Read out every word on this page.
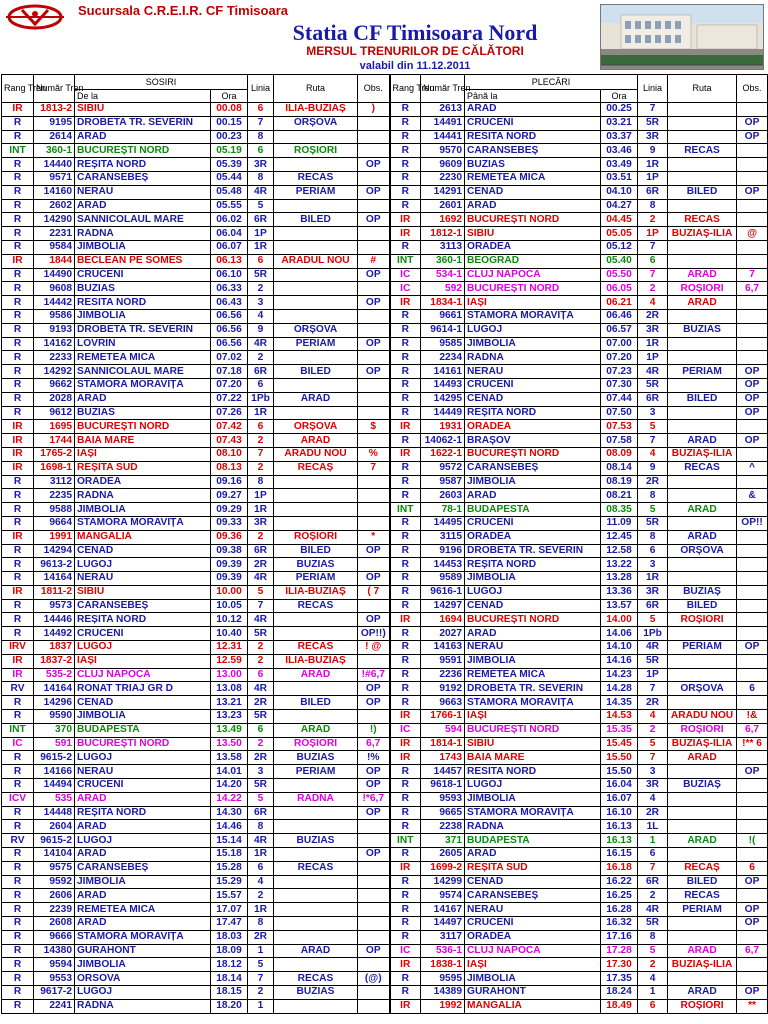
Sucursala C.R.E.I.R. CF Timisoara
Statia CF Timisoara Nord
MERSUL TRENURILOR DE CĂLĂTORI
valabil din 11.12.2011
Rang Tren	Număr Tren	SOSIRI		Linia	Ruta	Obs.	Rang Tren	Număr Tren	PLECĂRI		Linia	Ruta	Obs.
		De la	Ora						Până la	Ora			
IR	1813-2	SIBIU	00.08	6	ILIA-BUZIAȘ	)	R	2613	ARAD	00.25	7		
R	9195	DROBETA TR. SEVERIN	00.15	7	ORȘOVA		R	14491	CRUCENI	03.21	5R		OP
R	2614	ARAD	00.23	8			R	14441	RESITA NORD	03.37	3R		OP
INT	360-1	BUCUREȘTI NORD	05.19	6	ROȘIORI		R	9570	CARANSEBEȘ	03.46	9	RECAS	
R	14440	REȘITA NORD	05.39	3R		OP	R	9609	BUZIAS	03.49	1R		
R	9571	CARANSEBEȘ	05.44	8	RECAS		R	2230	REMETEA MICA	03.51	1P		
R	14160	NERAU	05.48	4R	PERIAM	OP	R	14291	CENAD	04.10	6R	BILED	OP
R	2602	ARAD	05.55	5			R	2601	ARAD	04.27	8		
R	14290	SANNICOLAUL MARE	06.02	6R	BILED	OP	IR	1692	BUCUREȘTI NORD	04.45	2	RECAS	
R	2231	RADNA	06.04	1P			IR	1812-1	SIBIU	05.05	1P	BUZIAȘ-ILIA	@
R	9584	JIMBOLIA	06.07	1R			R	3113	ORADEA	05.12	7		
IR	1844	BECLEAN PE SOMES	06.13	6	ARADUL NOU	#	INT	360-1	BEOGRAD	05.40	6		
R	14490	CRUCENI	06.10	5R		OP	IC	534-1	CLUJ NAPOCA	05.50	7	ARAD	7
R	9608	BUZIAS	06.33	2			IC	592	BUCUREȘTI NORD	06.05	2	ROȘIORI	6,7
R	14442	RESITA NORD	06.43	3		OP	IR	1834-1	IAȘI	06.21	4	ARAD	
R	9586	JIMBOLIA	06.56	4			R	9661	STAMORA MORAVIȚA	06.46	2R		
R	9193	DROBETA TR. SEVERIN	06.56	9	ORȘOVA		R	9614-1	LUGOJ	06.57	3R	BUZIAS	
R	14162	LOVRIN	06.56	4R	PERIAM	OP	R	9585	JIMBOLIA	07.00	1R		
R	2233	REMETEA MICA	07.02	2			R	2234	RADNA	07.20	1P		
R	14292	SANNICOLAUL MARE	07.18	6R	BILED	OP	R	14161	NERAU	07.23	4R	PERIAM	OP
R	9662	STAMORA MORAVIȚA	07.20	6			R	14493	CRUCENI	07.30	5R		OP
R	2028	ARAD	07.22	1Pb	ARAD		R	14295	CENAD	07.44	6R	BILED	OP
R	9612	BUZIAS	07.26	1R			R	14449	REȘITA NORD	07.50	3		OP
IR	1695	BUCUREȘTI NORD	07.42	6	ORȘOVA	$	IR	1931	ORADEA	07.53	5		
IR	1744	BAIA MARE	07.43	2	ARAD		R	14062-1	BRAȘOV	07.58	7	ARAD	OP
IR	1765-2	IAȘI	08.10	7	ARADU NOU	%	IR	1622-1	BUCUREȘTI NORD	08.09	4	BUZIAȘ-ILIA	
IR	1698-1	REȘITA SUD	08.13	2	RECAȘ	7	R	9572	CARANSEBEȘ	08.14	9	RECAS	^
R	3112	ORADEA	09.16	8			R	9587	JIMBOLIA	08.19	2R		
R	2235	RADNA	09.27	1P			R	2603	ARAD	08.21	8		&
R	9588	JIMBOLIA	09.29	1R			INT	78-1	BUDAPESTA	08.35	5	ARAD	
R	9664	STAMORA MORAVIȚA	09.33	3R			R	14495	CRUCENI	11.09	5R		OP!!
IR	1991	MANGALIA	09.36	2	ROȘIORI	*	R	3115	ORADEA	12.45	8	ARAD	
R	14294	CENAD	09.38	6R	BILED	OP	R	9196	DROBETA TR. SEVERIN	12.58	6	ORȘOVA	
R	9613-2	LUGOJ	09.39	2R	BUZIAS		R	14453	REȘITA NORD	13.22	3		
R	14164	NERAU	09.39	4R	PERIAM	OP	R	9589	JIMBOLIA	13.28	1R		
IR	1811-2	SIBIU	10.00	5	ILIA-BUZIAȘ	( 7	R	9616-1	LUGOJ	13.36	3R	BUZIAȘ	
R	9573	CARANSEBEȘ	10.05	7	RECAS		R	14297	CENAD	13.57	6R	BILED	
R	14446	REȘITA NORD	10.12	4R		OP	IR	1694	BUCUREȘTI NORD	14.00	5	ROȘIORI	
R	14492	CRUCENI	10.40	5R		OP!!)	R	2027	ARAD	14.06	1Pb		
IRV	1837	LUGOJ	12.31	2	RECAS	! @	R	14163	NERAU	14.10	4R	PERIAM	OP
IR	1837-2	IAȘI	12.59	2	ILIA-BUZIAȘ		R	9591	JIMBOLIA	14.16	5R		
IR	535-2	CLUJ NAPOCA	13.00	6	ARAD	!#6,7	R	2236	REMETEA MICA	14.23	1P		
RV	14164	RONAT TRIAJ GR D	13.08	4R		OP	R	9192	DROBETA TR. SEVERIN	14.28	7	ORȘOVA	6
R	14296	CENAD	13.21	2R	BILED	OP	R	9663	STAMORA MORAVIȚA	14.35	2R		
R	9590	JIMBOLIA	13.23	5R			IR	1766-1	IAȘI	14.53	4	ARADU NOU	!&
INT	370	BUDAPESTA	13.49	6	ARAD	!)	IC	594	BUCUREȘTI NORD	15.35	2	ROȘIORI	6,7
IC	591	BUCUREȘTI NORD	13.50	2	ROȘIORI	6,7	IR	1814-1	SIBIU	15.45	5	BUZIAȘ-ILIA	!** 6
R	9615-2	LUGOJ	13.58	2R	BUZIAS	!%	IR	1743	BAIA MARE	15.50	7	ARAD	
R	14166	NERAU	14.01	3	PERIAM	OP	R	14457	RESITA NORD	15.50	3		OP
R	14494	CRUCENI	14.20	5R		OP	R	9618-1	LUGOJ	16.04	3R	BUZIAȘ	
ICV	535	ARAD	14.22	5	RADNA	!*6,7	R	9593	JIMBOLIA	16.07	4		
R	14448	REȘITA NORD	14.30	6R		OP	R	9665	STAMORA MORAVIȚA	16.10	2R		
R	2604	ARAD	14.46	8			R	2238	RADNA	16.13	1L		
RV	9615-2	LUGOJ	15.14	4R	BUZIAS		INT	371	BUDAPESTA	16.13	1	ARAD	!(
R	14104	ARAD	15.18	1R		OP	R	2605	ARAD	16.15	6		
R	9575	CARANSEBEȘ	15.28	6	RECAS		IR	1699-2	REȘITA SUD	16.18	7	RECAȘ	6
R	9592	JIMBOLIA	15.29	4			R	14299	CENAD	16.22	6R	BILED	OP
R	2606	ARAD	15.57	2			R	9574	CARANSEBEȘ	16.25	2	RECAS	
R	2239	REMETEA MICA	17.07	1R			R	14167	NERAU	16.28	4R	PERIAM	OP
R	2608	ARAD	17.47	8			R	14497	CRUCENI	16.32	5R		OP
R	9666	STAMORA MORAVIȚA	18.03	2R			R	3117	ORADEA	17.16	8		
R	14380	GURAHONT	18.09	1	ARAD	OP	IC	536-1	CLUJ NAPOCA	17.28	5	ARAD	6,7
R	9594	JIMBOLIA	18.12	5			IR	1838-1	IAȘI	17.30	2	BUZIAȘ-ILIA	
R	9553	ORSOVA	18.14	7	RECAS	(@)	R	9595	JIMBOLIA	17.35	4		
R	9617-2	LUGOJ	18.15	2	BUZIAS		R	14389	GURAHONT	18.24	1	ARAD	OP
R	2241	RADNA	18.20	1			IR	1992	MANGALIA	18.49	6	ROȘIORI	**
